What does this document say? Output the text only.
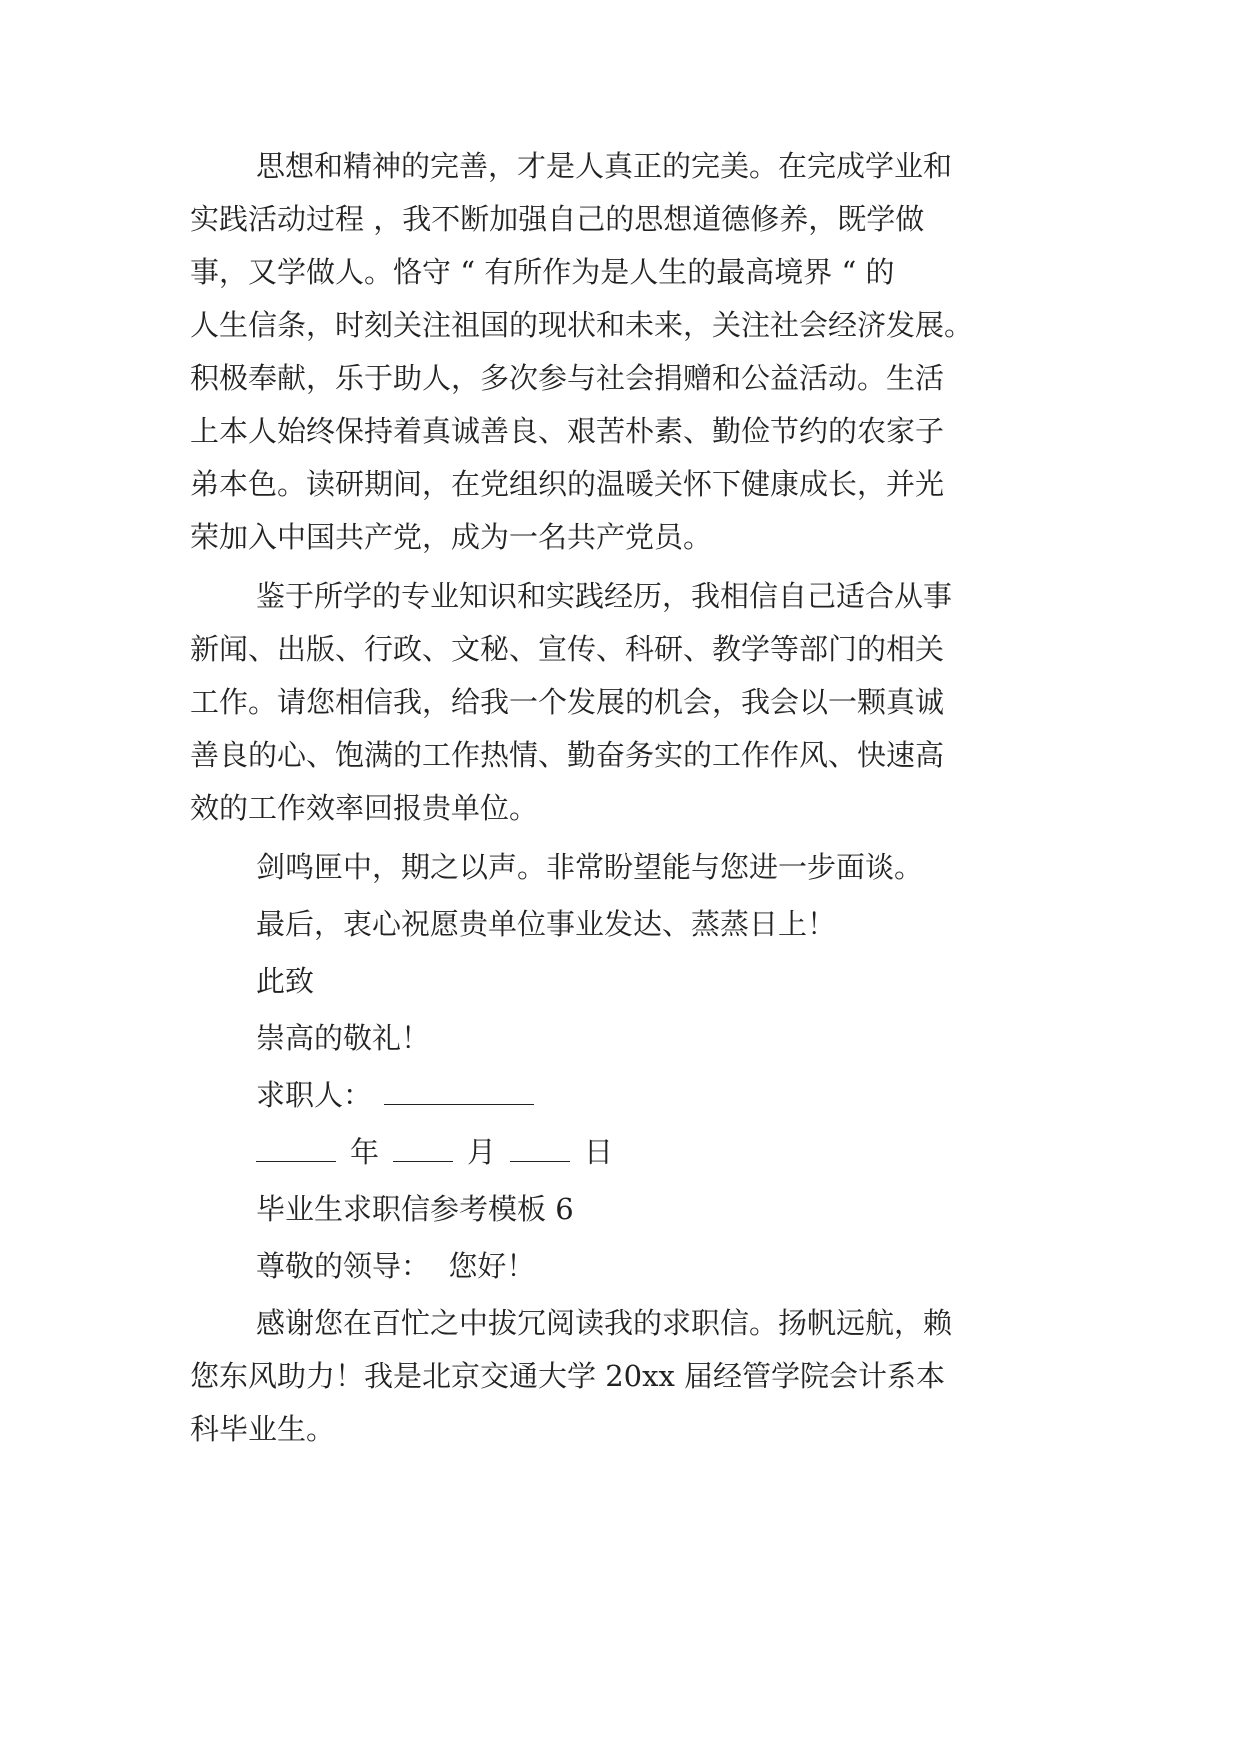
思想和精神的完善，才是人真正的完美。在完成学业和
实践活动过程 ，我不断加强自己的思想道德修养，既学做
事，又学做人。恪守 “ 有所作为是人生的最高境界 “ 的
人生信条，时刻关注祖国的现状和未来，关注社会经济发展。
积极奉献，乐于助人，多次参与社会捐赠和公益活动。生活
上本人始终保持着真诚善良、艰苦朴素、勤俭节约的农家子
弟本色。读研期间，在党组织的温暖关怀下健康成长，并光
荣加入中国共产党，成为一名共产党员。
鉴于所学的专业知识和实践经历，我相信自己适合从事
新闻、出版、行政、文秘、宣传、科研、教学等部门的相关
工作。请您相信我，给我一个发展的机会，我会以一颗真诚
善良的心、饱满的工作热情、勤奋务实的工作作风、快速高
效的工作效率回报贵单位。
剑鸣匣中，期之以声。非常盼望能与您进一步面谈。
最后，衷心祝愿贵单位事业发达、蒸蒸日上！
此致
崇高的敬礼！
求职人：
年	月	日
毕业生求职信参考模板 6
尊敬的领导：  您好！
感谢您在百忙之中拔冗阅读我的求职信。扬帆远航，赖
您东风助力！我是北京交通大学 20xx 届经管学院会计系本
科毕业生。
